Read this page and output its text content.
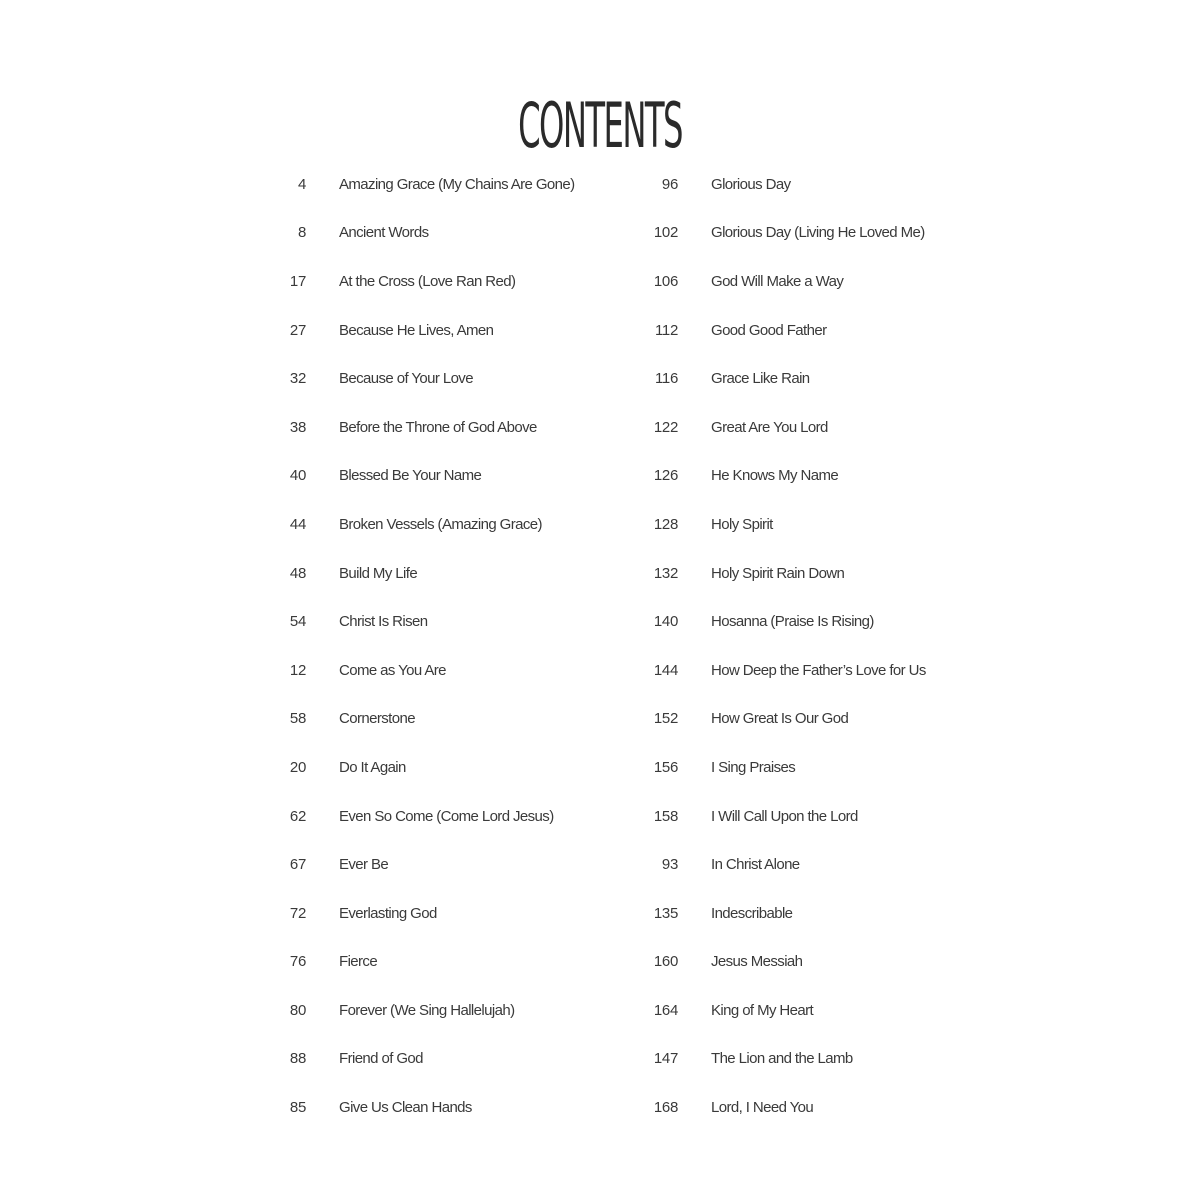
CONTENTS
4 Amazing Grace (My Chains Are Gone)
8 Ancient Words
17 At the Cross (Love Ran Red)
27 Because He Lives, Amen
32 Because of Your Love
38 Before the Throne of God Above
40 Blessed Be Your Name
44 Broken Vessels (Amazing Grace)
48 Build My Life
54 Christ Is Risen
12 Come as You Are
58 Cornerstone
20 Do It Again
62 Even So Come (Come Lord Jesus)
67 Ever Be
72 Everlasting God
76 Fierce
80 Forever (We Sing Hallelujah)
88 Friend of God
85 Give Us Clean Hands
96 Glorious Day
102 Glorious Day (Living He Loved Me)
106 God Will Make a Way
112 Good Good Father
116 Grace Like Rain
122 Great Are You Lord
126 He Knows My Name
128 Holy Spirit
132 Holy Spirit Rain Down
140 Hosanna (Praise Is Rising)
144 How Deep the Father’s Love for Us
152 How Great Is Our God
156 I Sing Praises
158 I Will Call Upon the Lord
93 In Christ Alone
135 Indescribable
160 Jesus Messiah
164 King of My Heart
147 The Lion and the Lamb
168 Lord, I Need You
